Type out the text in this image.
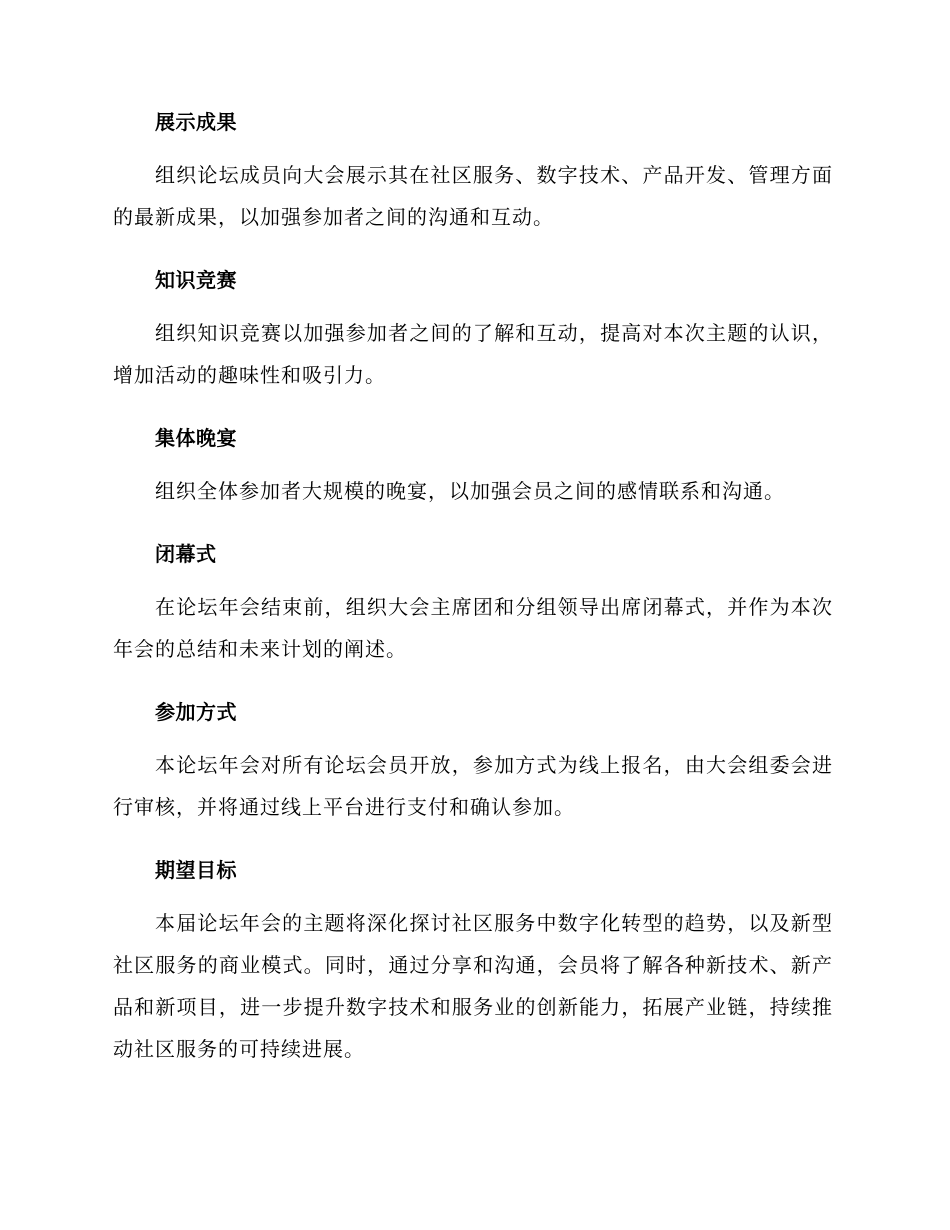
展示成果

组织论坛成员向大会展示其在社区服务、数字技术、产品开发、管理方面的最新成果，以加强参加者之间的沟通和互动。

知识竞赛

组织知识竞赛以加强参加者之间的了解和互动，提高对本次主题的认识，增加活动的趣味性和吸引力。

集体晚宴

组织全体参加者大规模的晚宴，以加强会员之间的感情联系和沟通。

闭幕式

在论坛年会结束前，组织大会主席团和分组领导出席闭幕式，并作为本次年会的总结和未来计划的阐述。

参加方式

本论坛年会对所有论坛会员开放，参加方式为线上报名，由大会组委会进行审核，并将通过线上平台进行支付和确认参加。

期望目标

本届论坛年会的主题将深化探讨社区服务中数字化转型的趋势，以及新型社区服务的商业模式。同时，通过分享和沟通，会员将了解各种新技术、新产品和新项目，进一步提升数字技术和服务业的创新能力，拓展产业链，持续推动社区服务的可持续进展。
